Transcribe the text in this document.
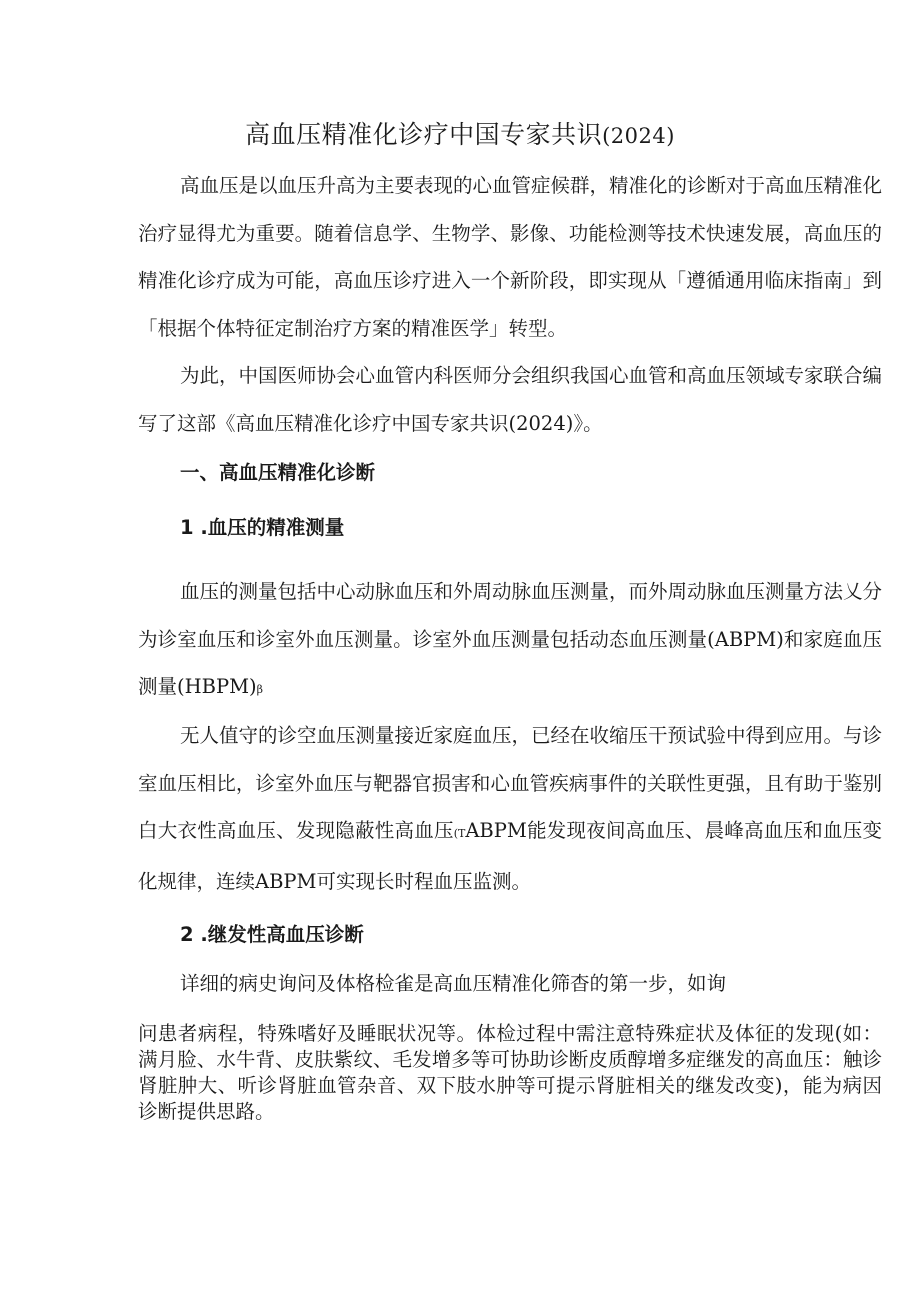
高血压精准化诊疗中国专家共识(2024)

高血压是以血压升高为主要表现的心血管症候群，精准化的诊断对于高血压精准化治疗显得尤为重要。随着信息学、生物学、影像、功能检测等技术快速发展，高血压的精准化诊疗成为可能，高血压诊疗进入一个新阶段，即实现从「遵循通用临床指南」到「根据个体特征定制治疗方案的精准医学」转型。

为此，中国医师协会心血管内科医师分会组织我国心血管和高血压领域专家联合编写了这部《高血压精准化诊疗中国专家共识(2024)》。

一、高血压精准化诊断
1 .血压的精准测量

血压的测量包括中心动脉血压和外周动脉血压测量，而外周动脉血压测量方法乂分为诊室血压和诊室外血压测量。诊室外血压测量包括动态血压测量(ABPM)和家庭血压测量(HBPM)β

无人值守的诊空血压测量接近家庭血压，已经在收缩压干预试验中得到应用。与诊室血压相比，诊室外血压与靶器官损害和心血管疾病事件的关联性更强，且有助于鉴别白大衣性高血压、发现隐蔽性高血压(TABPM能发现夜间高血压、晨峰高血压和血压变化规律，连续ABPM可实现长时程血压监测。

2 .继发性高血压诊断
详细的病史询问及体格检雀是高血压精准化筛杳的第一步，如询

问患者病程，特殊嗜好及睡眠状况等。体检过程中需注意特殊症状及体征的发现(如：满月脸、水牛背、皮肤紫纹、毛发增多等可协助诊断皮质醇增多症继发的高血压：触诊肾脏肿大、听诊肾脏血管杂音、双下肢水肿等可提示肾脏相关的继发改变)，能为病因诊断提供思路。
